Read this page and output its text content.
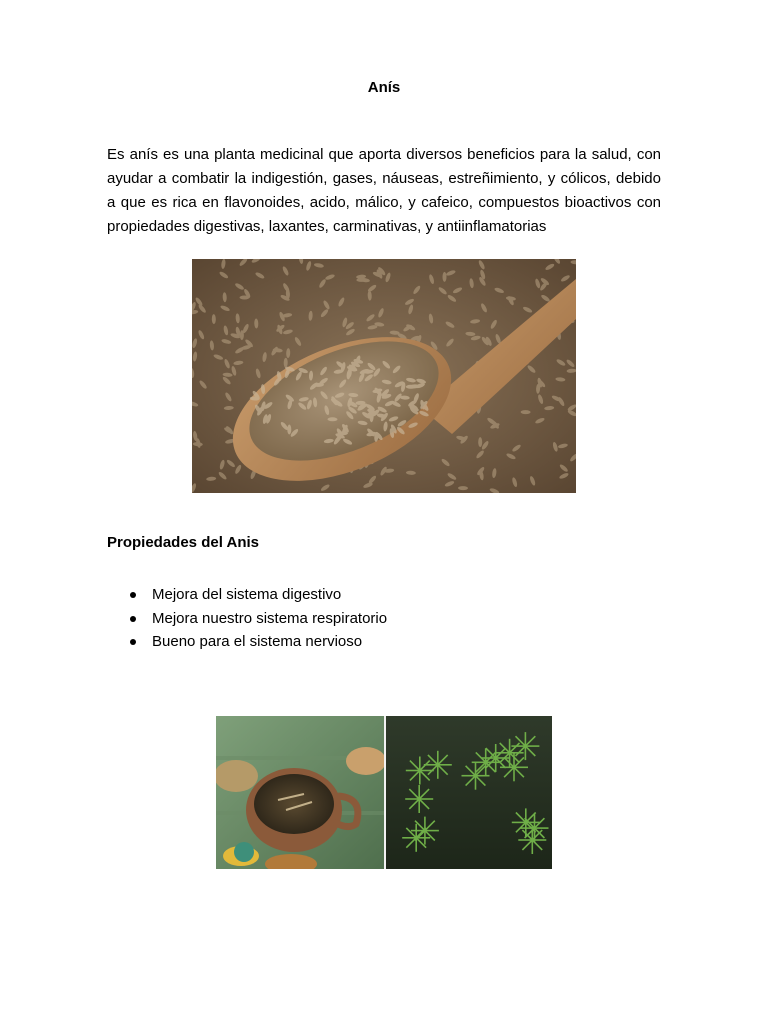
Anís

Es anís es una planta medicinal que aporta diversos beneficios para la salud, con ayudar a combatir la indigestión, gases, náuseas, estreñimiento, y cólicos, debido a que es rica en flavonoides, acido, málico, y cafeico, compuestos bioactivos con propiedades digestivas, laxantes, carminativas, y antiinflamatorias

Propiedades del Anis
Mejora del sistema digestivo
Mejora nuestro sistema respiratorio
Bueno para el sistema nervioso
